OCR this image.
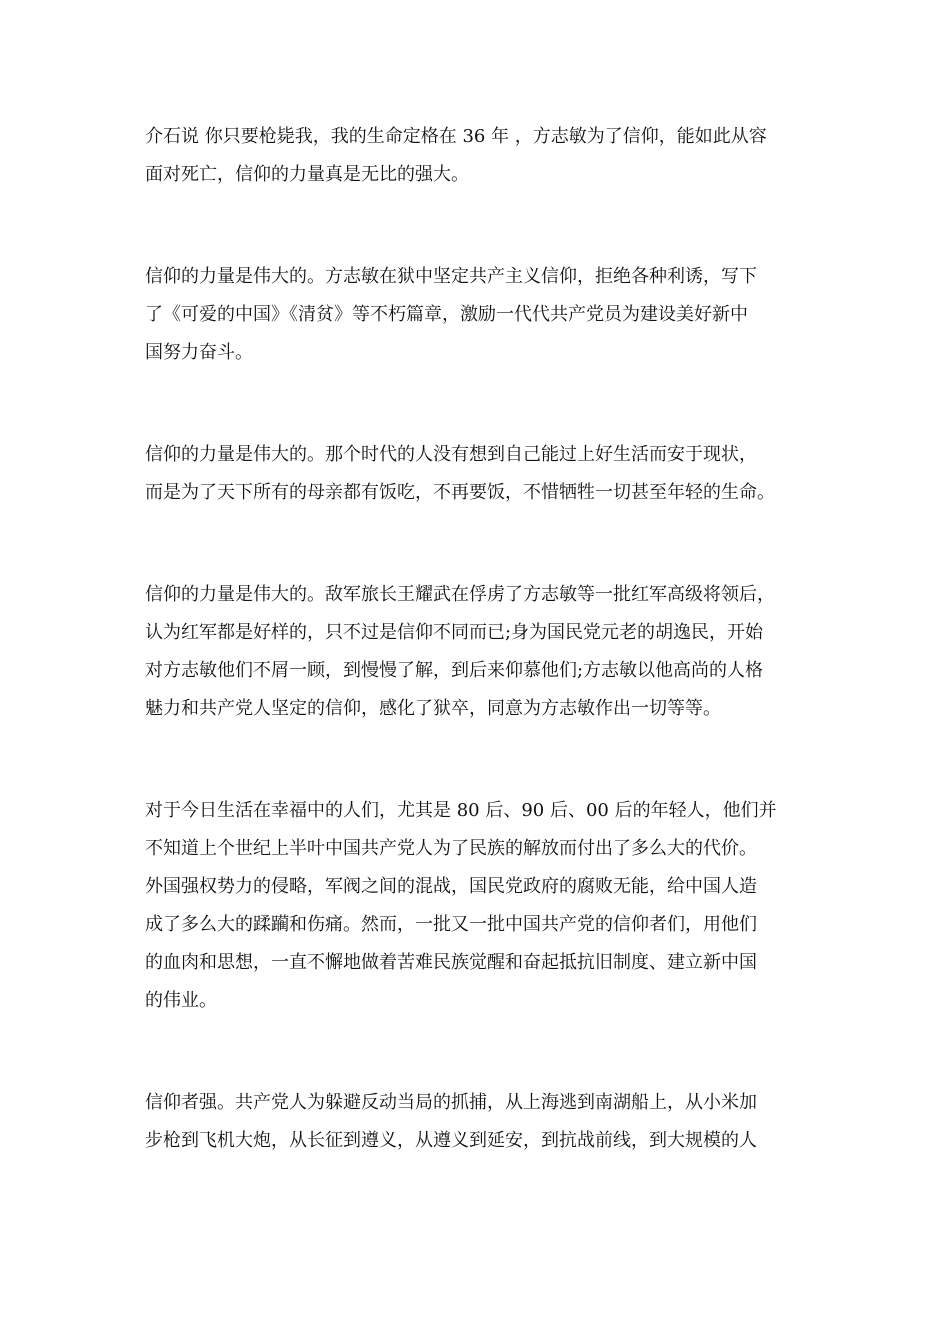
介石说 你只要枪毙我，我的生命定格在 36 年 ，方志敏为了信仰，能如此从容
面对死亡，信仰的力量真是无比的强大。
信仰的力量是伟大的。方志敏在狱中坚定共产主义信仰，拒绝各种利诱，写下
了《可爱的中国》《清贫》等不朽篇章，激励一代代共产党员为建设美好新中
国努力奋斗。
信仰的力量是伟大的。那个时代的人没有想到自己能过上好生活而安于现状，
而是为了天下所有的母亲都有饭吃，不再要饭，不惜牺牲一切甚至年轻的生命。
信仰的力量是伟大的。敌军旅长王耀武在俘虏了方志敏等一批红军高级将领后，
认为红军都是好样的，只不过是信仰不同而已;身为国民党元老的胡逸民，开始
对方志敏他们不屑一顾，到慢慢了解，到后来仰慕他们;方志敏以他高尚的人格
魅力和共产党人坚定的信仰，感化了狱卒，同意为方志敏作出一切等等。
对于今日生活在幸福中的人们，尤其是 80 后、90 后、00 后的年轻人，他们并
不知道上个世纪上半叶中国共产党人为了民族的解放而付出了多么大的代价。
外国强权势力的侵略，军阀之间的混战，国民党政府的腐败无能，给中国人造
成了多么大的蹂躏和伤痛。然而，一批又一批中国共产党的信仰者们，用他们
的血肉和思想，一直不懈地做着苦难民族觉醒和奋起抵抗旧制度、建立新中国
的伟业。
信仰者强。共产党人为躲避反动当局的抓捕，从上海逃到南湖船上，从小米加
步枪到飞机大炮，从长征到遵义，从遵义到延安，到抗战前线，到大规模的人
